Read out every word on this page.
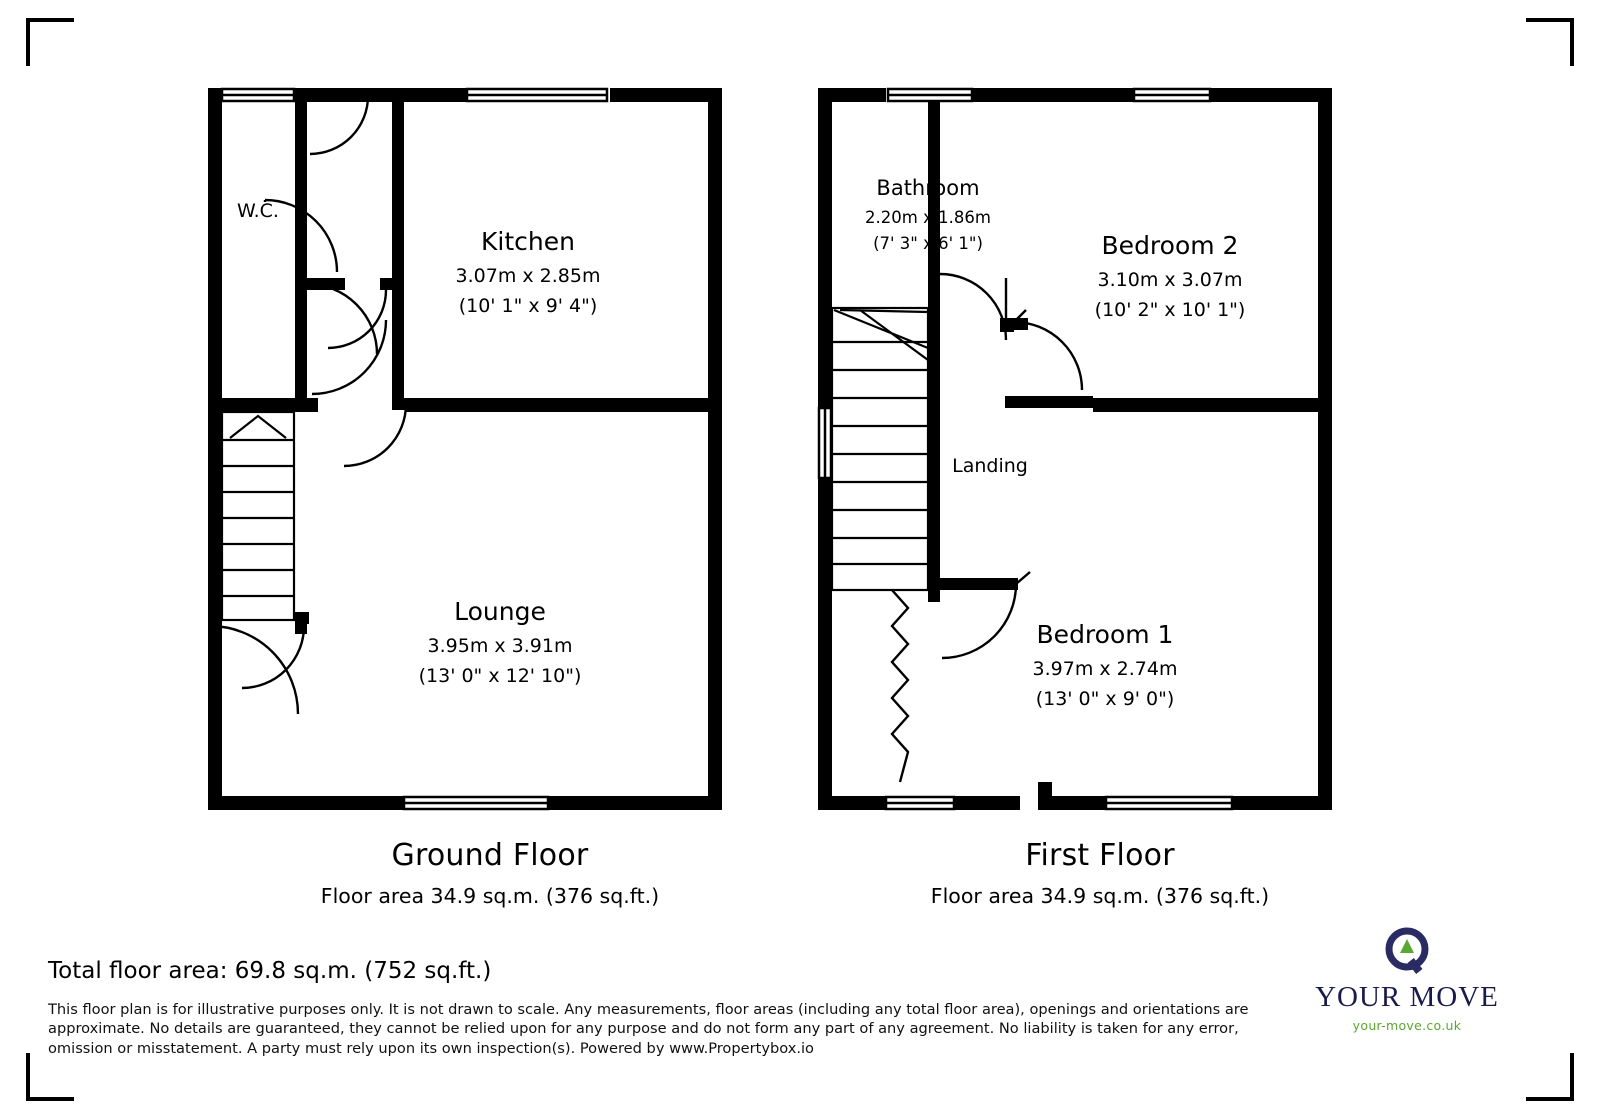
W.C.
Kitchen
3.07m x 2.85m
(10' 1" x 9' 4")
Lounge
3.95m x 3.91m
(13' 0" x 12' 10")
Bathroom
2.20m x 1.86m
(7' 3" x 6' 1")	Bedroom 2
3.10m x 3.07m
(10' 2" x 10' 1")
Landing
Bedroom 1
3.97m x 2.74m
(13' 0" x 9' 0")
Ground Floor
Floor area 34.9 sq.m. (376 sq.ft.)
First Floor
Floor area 34.9 sq.m. (376 sq.ft.)
Total floor area: 69.8 sq.m. (752 sq.ft.)
This floor plan is for illustrative purposes only. It is not drawn to scale. Any measurements, floor areas (including any total floor area), openings and orientations are approximate. No details are guaranteed, they cannot be relied upon for any purpose and do not form any part of any agreement. No liability is taken for any error, omission or misstatement. A party must rely upon its own inspection(s). Powered by www.Propertybox.io
YOUR MOVE
your-move.co.uk
